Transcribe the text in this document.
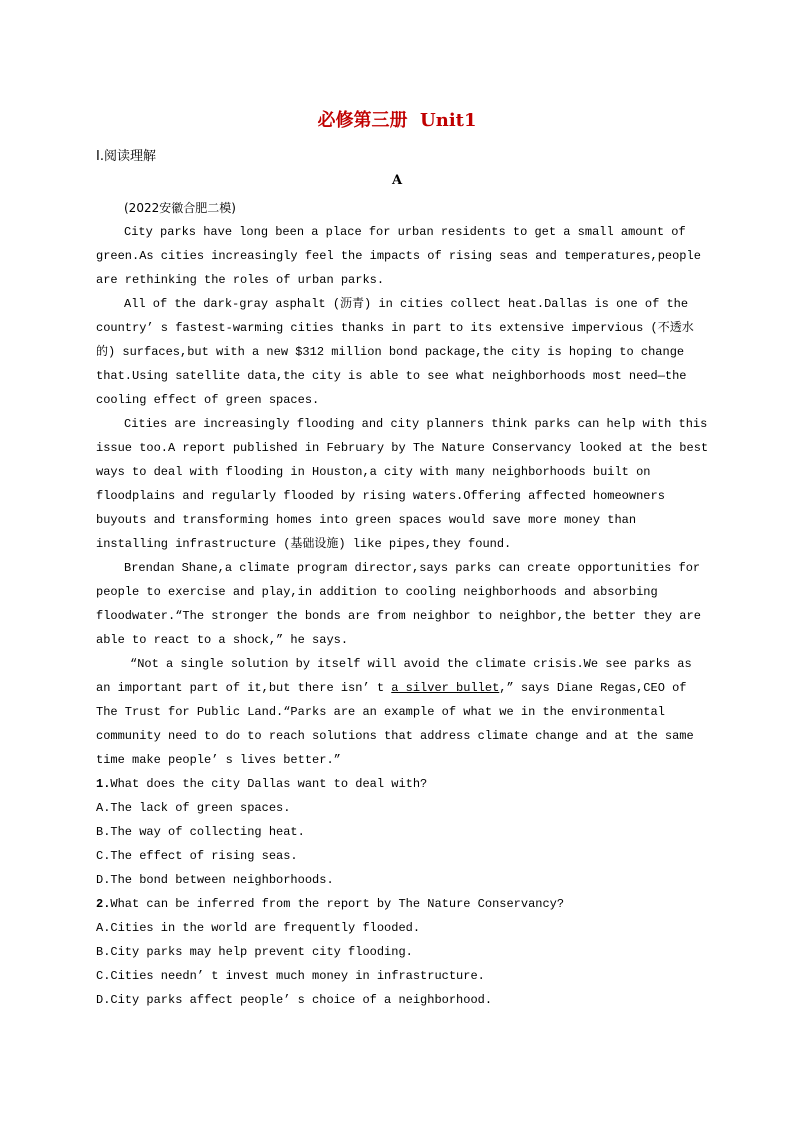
必修第三册  Unit1
Ⅰ.阅读理解
A
(2022安徽合肥二模)
City parks have long been a place for urban residents to get a small amount of
green.As cities increasingly feel the impacts of rising seas and temperatures,people
are rethinking the roles of urban parks.
All of the dark-gray asphalt (沥青) in cities collect heat.Dallas is one of the
country’ s fastest-warming cities thanks in part to its extensive impervious (不透水
的) surfaces,but with a new $312 million bond package,the city is hoping to change
that.Using satellite data,the city is able to see what neighborhoods most need—the
cooling effect of green spaces.
Cities are increasingly flooding and city planners think parks can help with this
issue too.A report published in February by The Nature Conservancy looked at the best
ways to deal with flooding in Houston,a city with many neighborhoods built on
floodplains and regularly flooded by rising waters.Offering affected homeowners
buyouts and transforming homes into green spaces would save more money than
installing infrastructure (基础设施) like pipes,they found.
Brendan Shane,a climate program director,says parks can create opportunities for
people to exercise and play,in addition to cooling neighborhoods and absorbing
floodwater.“The stronger the bonds are from neighbor to neighbor,the better they are
able to react to a shock,” he says.
“Not a single solution by itself will avoid the climate crisis.We see parks as
an important part of it,but there isn’ t a silver bullet,” says Diane Regas,CEO of
The Trust for Public Land.“Parks are an example of what we in the environmental
community need to do to reach solutions that address climate change and at the same
time make people’ s lives better.”
1.What does the city Dallas want to deal with?
A.The lack of green spaces.
B.The way of collecting heat.
C.The effect of rising seas.
D.The bond between neighborhoods.
2.What can be inferred from the report by The Nature Conservancy?
A.Cities in the world are frequently flooded.
B.City parks may help prevent city flooding.
C.Cities needn’ t invest much money in infrastructure.
D.City parks affect people’ s choice of a neighborhood.
